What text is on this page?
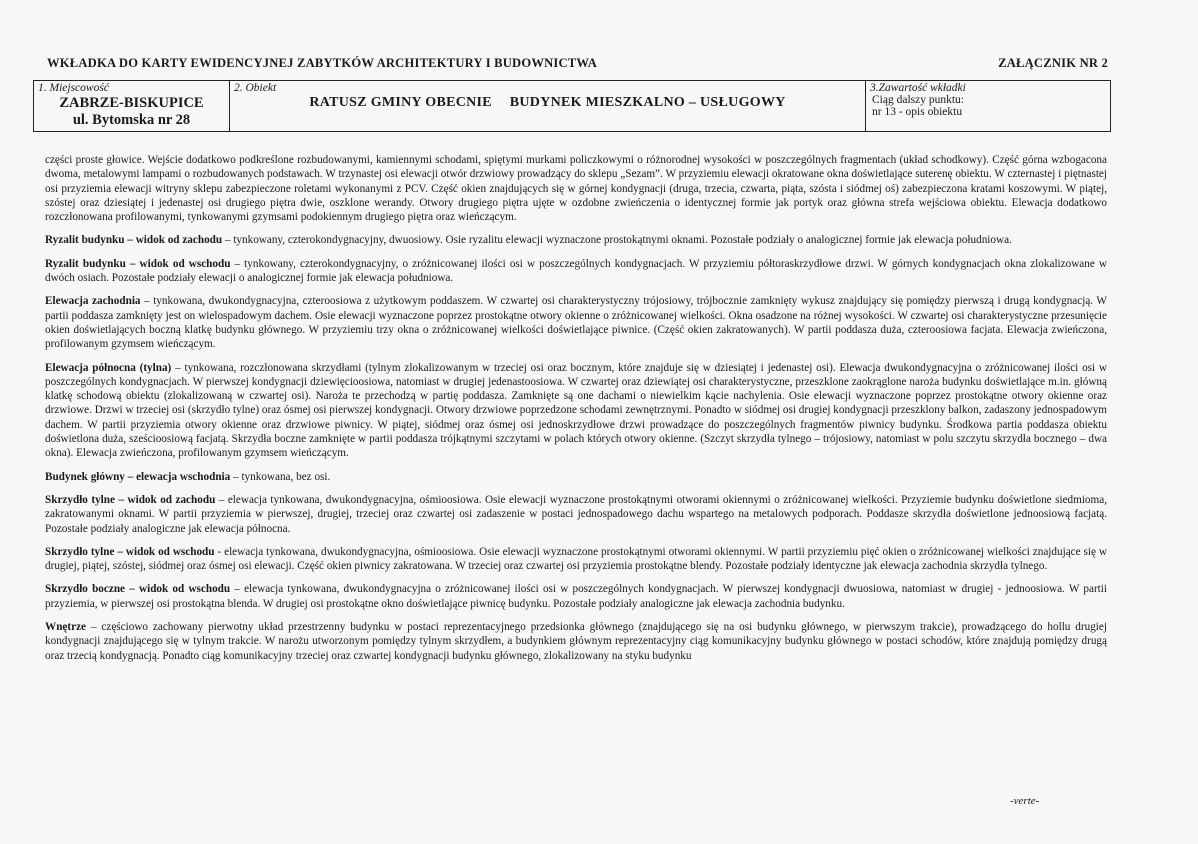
WKŁADKA DO KARTY EWIDENCYJNEJ ZABYTKÓW ARCHITEKTURY I BUDOWNICTWA	ZAŁĄCZNIK NR 2
1. Miejscowość
ZABRZE-BISKUPICE
ul. Bytomska nr 28

2. Obiekt
RATUSZ GMINY OBECNIE BUDYNEK MIESZKALNO – USŁUGOWY

3.Zawartość wkładki
Ciąg dalszy punktu:
nr 13 - opis obiektu

części proste głowice. Wejście dodatkowo podkreślone rozbudowanymi, kamiennymi schodami, spiętymi murkami policzkowymi o różnorodnej wysokości w poszczególnych fragmentach (układ schodkowy). Część górna wzbogacona dwoma, metalowymi lampami o rozbudowanych podstawach. W trzynastej osi elewacji otwór drzwiowy prowadzący do sklepu „Sezam”. W przyziemiu elewacji okratowane okna doświetlające suterenę obiektu. W czternastej i piętnastej osi przyziemia elewacji witryny sklepu zabezpieczone roletami wykonanymi z PCV. Część okien znajdujących się w górnej kondygnacji (druga, trzecia, czwarta, piąta, szósta i siódmej oś) zabezpieczona kratami koszowymi. W piątej, szóstej oraz dziesiątej i jedenastej osi drugiego piętra dwie, oszklone werandy. Otwory drugiego piętra ujęte w ozdobne zwieńczenia o identycznej formie jak portyk oraz główna strefa wejściowa obiektu. Elewacja dodatkowo rozczłonowana profilowanymi, tynkowanymi gzymsami podokiennym drugiego piętra oraz wieńczącym.

Ryzalit budynku – widok od zachodu – tynkowany, czterokondygnacyjny, dwuosiowy. Osie ryzalitu elewacji wyznaczone prostokątnymi oknami. Pozostałe podziały o analogicznej formie jak elewacja południowa.

Ryzalit budynku – widok od wschodu – tynkowany, czterokondygnacyjny, o zróżnicowanej ilości osi w poszczególnych kondygnacjach. W przyziemiu półtoraskrzydłowe drzwi. W górnych kondygnacjach okna zlokalizowane w dwóch osiach. Pozostałe podziały elewacji o analogicznej formie jak elewacja południowa.

Elewacja zachodnia – tynkowana, dwukondygnacyjna, czteroosiowa z użytkowym poddaszem. W czwartej osi charakterystyczny trójosiowy, trójbocznie zamknięty wykusz znajdujący się pomiędzy pierwszą i drugą kondygnacją. W partii poddasza zamknięty jest on wielospadowym dachem. Osie elewacji wyznaczone poprzez prostokątne otwory okienne o zróżnicowanej wielkości. Okna osadzone na różnej wysokości. W czwartej osi charakterystyczne przesunięcie okien doświetlających boczną klatkę budynku głównego. W przyziemiu trzy okna o zróżnicowanej wielkości doświetlające piwnice. (Część okien zakratowanych). W partii poddasza duża, czteroosiowa facjata. Elewacja zwieńczona, profilowanym gzymsem wieńczącym.

Elewacja północna (tylna) – tynkowana, rozczłonowana skrzydłami (tylnym zlokalizowanym w trzeciej osi oraz bocznym, które znajduje się w dziesiątej i jedenastej osi). Elewacja dwukondygnacyjna o zróżnicowanej ilości osi w poszczególnych kondygnacjach. W pierwszej kondygnacji dziewięcioosiowa, natomiast w drugiej jedenastoosiowa. W czwartej oraz dziewiątej osi charakterystyczne, przeszklone zaokrąglone naroża budynku doświetlające m.in. główną klatkę schodową obiektu (zlokalizowaną w czwartej osi). Naroża te przechodzą w partię poddasza. Zamknięte są one dachami o niewielkim kącie nachylenia. Osie elewacji wyznaczone poprzez prostokątne otwory okienne oraz drzwiowe. Drzwi w trzeciej osi (skrzydło tylne) oraz ósmej osi pierwszej kondygnacji. Otwory drzwiowe poprzedzone schodami zewnętrznymi. Ponadto w siódmej osi drugiej kondygnacji przeszklony balkon, zadaszony jednospadowym dachem. W partii przyziemia otwory okienne oraz drzwiowe piwnicy. W piątej, siódmej oraz ósmej osi jednoskrzydłowe drzwi prowadzące do poszczególnych fragmentów piwnicy budynku. Środkowa partia poddasza obiektu doświetlona duża, sześcioosiową facjatą. Skrzydła boczne zamknięte w partii poddasza trójkątnymi szczytami w polach których otwory okienne. (Szczyt skrzydła tylnego – trójosiowy, natomiast w polu szczytu skrzydła bocznego – dwa okna). Elewacja zwieńczona, profilowanym gzymsem wieńczącym.

Budynek główny – elewacja wschodnia – tynkowana, bez osi.

Skrzydło tylne – widok od zachodu – elewacja tynkowana, dwukondygnacyjna, ośmioosiowa. Osie elewacji wyznaczone prostokątnymi otworami okiennymi o zróżnicowanej wielkości. Przyziemie budynku doświetlone siedmioma, zakratowanymi oknami. W partii przyziemia w pierwszej, drugiej, trzeciej oraz czwartej osi zadaszenie w postaci jednospadowego dachu wspartego na metalowych podporach. Poddasze skrzydła doświetlone jednoosiową facjatą. Pozostałe podziały analogiczne jak elewacja północna.

Skrzydło tylne – widok od wschodu - elewacja tynkowana, dwukondygnacyjna, ośmioosiowa. Osie elewacji wyznaczone prostokątnymi otworami okiennymi. W partii przyziemiu pięć okien o zróżnicowanej wielkości znajdujące się w drugiej, piątej, szóstej, siódmej oraz ósmej osi elewacji. Część okien piwnicy zakratowana. W trzeciej oraz czwartej osi przyziemia prostokątne blendy. Pozostałe podziały identyczne jak elewacja zachodnia skrzydła tylnego.

Skrzydło boczne – widok od wschodu – elewacja tynkowana, dwukondygnacyjna o zróżnicowanej ilości osi w poszczególnych kondygnacjach. W pierwszej kondygnacji dwuosiowa, natomiast w drugiej - jednoosiowa. W partii przyziemia, w pierwszej osi prostokątna blenda. W drugiej osi prostokątne okno doświetlające piwnicę budynku. Pozostałe podziały analogiczne jak elewacja zachodnia budynku.

Wnętrze – częściowo zachowany pierwotny układ przestrzenny budynku w postaci reprezentacyjnego przedsionka głównego (znajdującego się na osi budynku głównego, w pierwszym trakcie), prowadzącego do hollu drugiej kondygnacji znajdującego się w tylnym trakcie. W narożu utworzonym pomiędzy tylnym skrzydłem, a budynkiem głównym reprezentacyjny ciąg komunikacyjny budynku głównego w postaci schodów, które znajdują pomiędzy drugą oraz trzecią kondygnacją. Ponadto ciąg komunikacyjny trzeciej oraz czwartej kondygnacji budynku głównego, zlokalizowany na styku budynku

-verte-
